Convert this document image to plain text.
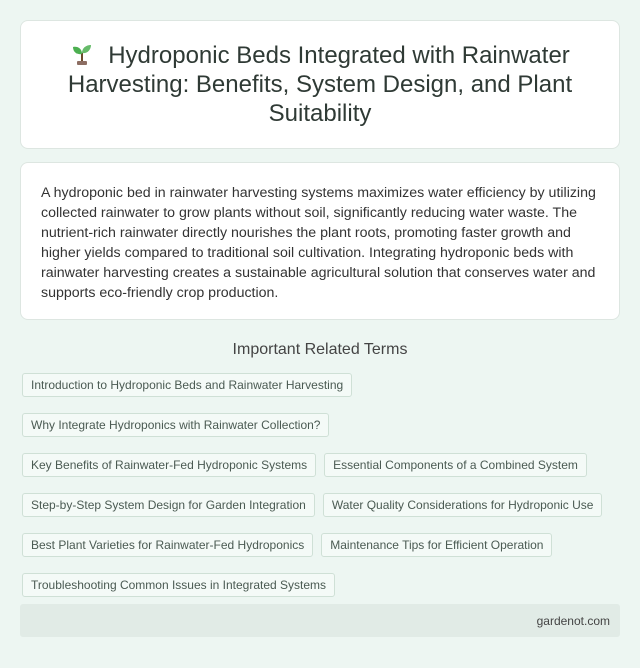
Hydroponic Beds Integrated with Rainwater Harvesting: Benefits, System Design, and Plant Suitability

A hydroponic bed in rainwater harvesting systems maximizes water efficiency by utilizing collected rainwater to grow plants without soil, significantly reducing water waste. The nutrient-rich rainwater directly nourishes the plant roots, promoting faster growth and higher yields compared to traditional soil cultivation. Integrating hydroponic beds with rainwater harvesting creates a sustainable agricultural solution that conserves water and supports eco-friendly crop production.

Important Related Terms
Introduction to Hydroponic Beds and Rainwater Harvesting
Why Integrate Hydroponics with Rainwater Collection?
Key Benefits of Rainwater-Fed Hydroponic Systems	Essential Components of a Combined System
Step-by-Step System Design for Garden Integration	Water Quality Considerations for Hydroponic Use
Best Plant Varieties for Rainwater-Fed Hydroponics	Maintenance Tips for Efficient Operation
Troubleshooting Common Issues in Integrated Systems
gardenot.com
